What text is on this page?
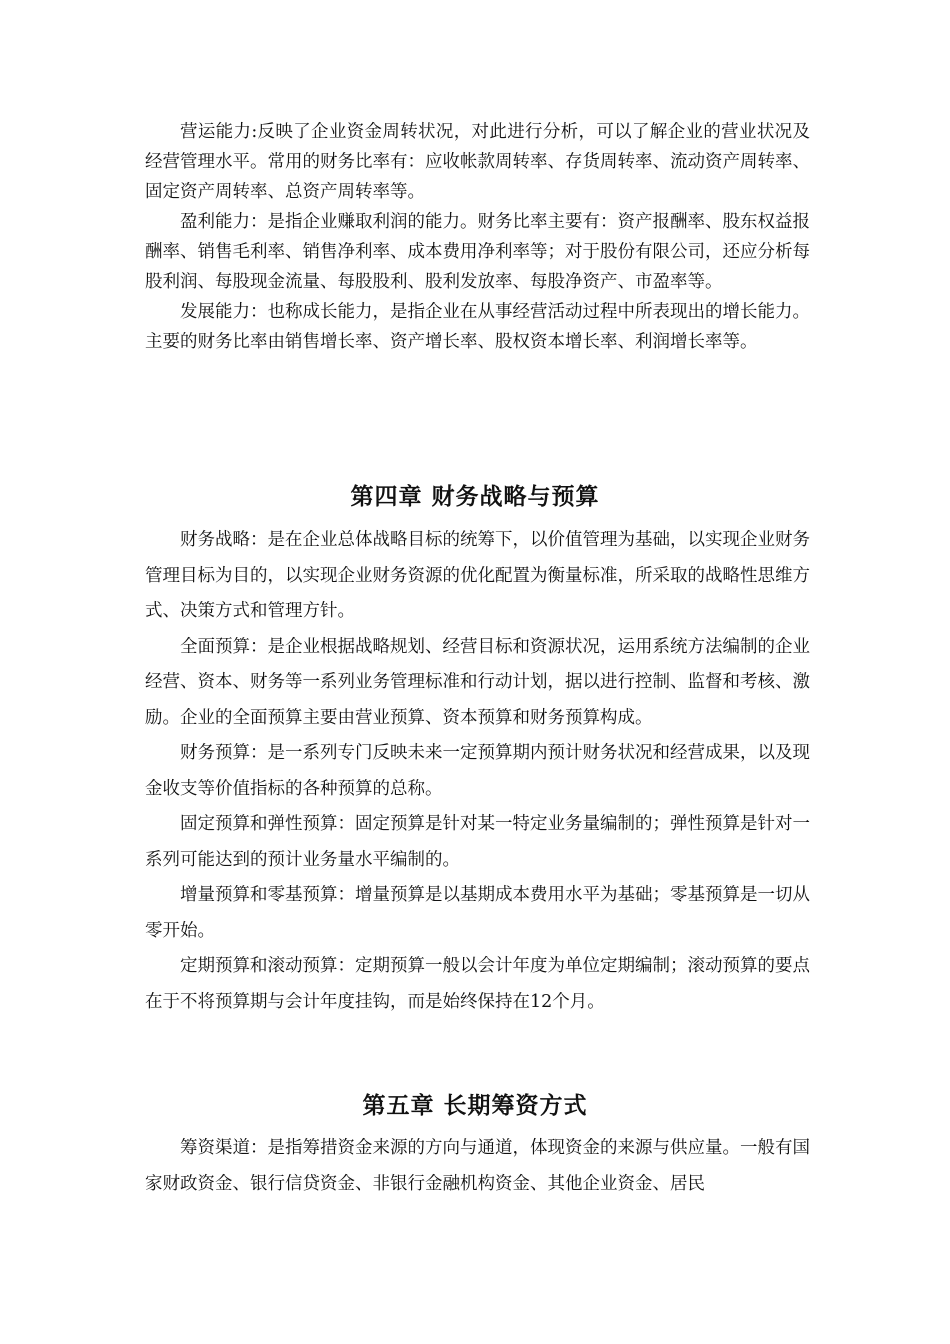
营运能力:反映了企业资金周转状况，对此进行分析，可以了解企业的营业状况及经营管理水平。常用的财务比率有：应收帐款周转率、存货周转率、流动资产周转率、固定资产周转率、总资产周转率等。

盈利能力：是指企业赚取利润的能力。财务比率主要有：资产报酬率、股东权益报酬率、销售毛利率、销售净利率、成本费用净利率等；对于股份有限公司，还应分析每股利润、每股现金流量、每股股利、股利发放率、每股净资产、市盈率等。

发展能力：也称成长能力，是指企业在从事经营活动过程中所表现出的增长能力。主要的财务比率由销售增长率、资产增长率、股权资本增长率、利润增长率等。

第四章 财务战略与预算

财务战略：是在企业总体战略目标的统筹下，以价值管理为基础，以实现企业财务管理目标为目的，以实现企业财务资源的优化配置为衡量标准，所采取的战略性思维方式、决策方式和管理方针。

全面预算：是企业根据战略规划、经营目标和资源状况，运用系统方法编制的企业经营、资本、财务等一系列业务管理标准和行动计划，据以进行控制、监督和考核、激励。企业的全面预算主要由营业预算、资本预算和财务预算构成。

财务预算：是一系列专门反映未来一定预算期内预计财务状况和经营成果，以及现金收支等价值指标的各种预算的总称。

固定预算和弹性预算：固定预算是针对某一特定业务量编制的；弹性预算是针对一系列可能达到的预计业务量水平编制的。

增量预算和零基预算：增量预算是以基期成本费用水平为基础；零基预算是一切从零开始。

定期预算和滚动预算：定期预算一般以会计年度为单位定期编制；滚动预算的要点在于不将预算期与会计年度挂钩，而是始终保持在12个月。

第五章 长期筹资方式

筹资渠道：是指筹措资金来源的方向与通道，体现资金的来源与供应量。一般有国家财政资金、银行信贷资金、非银行金融机构资金、其他企业资金、居民
